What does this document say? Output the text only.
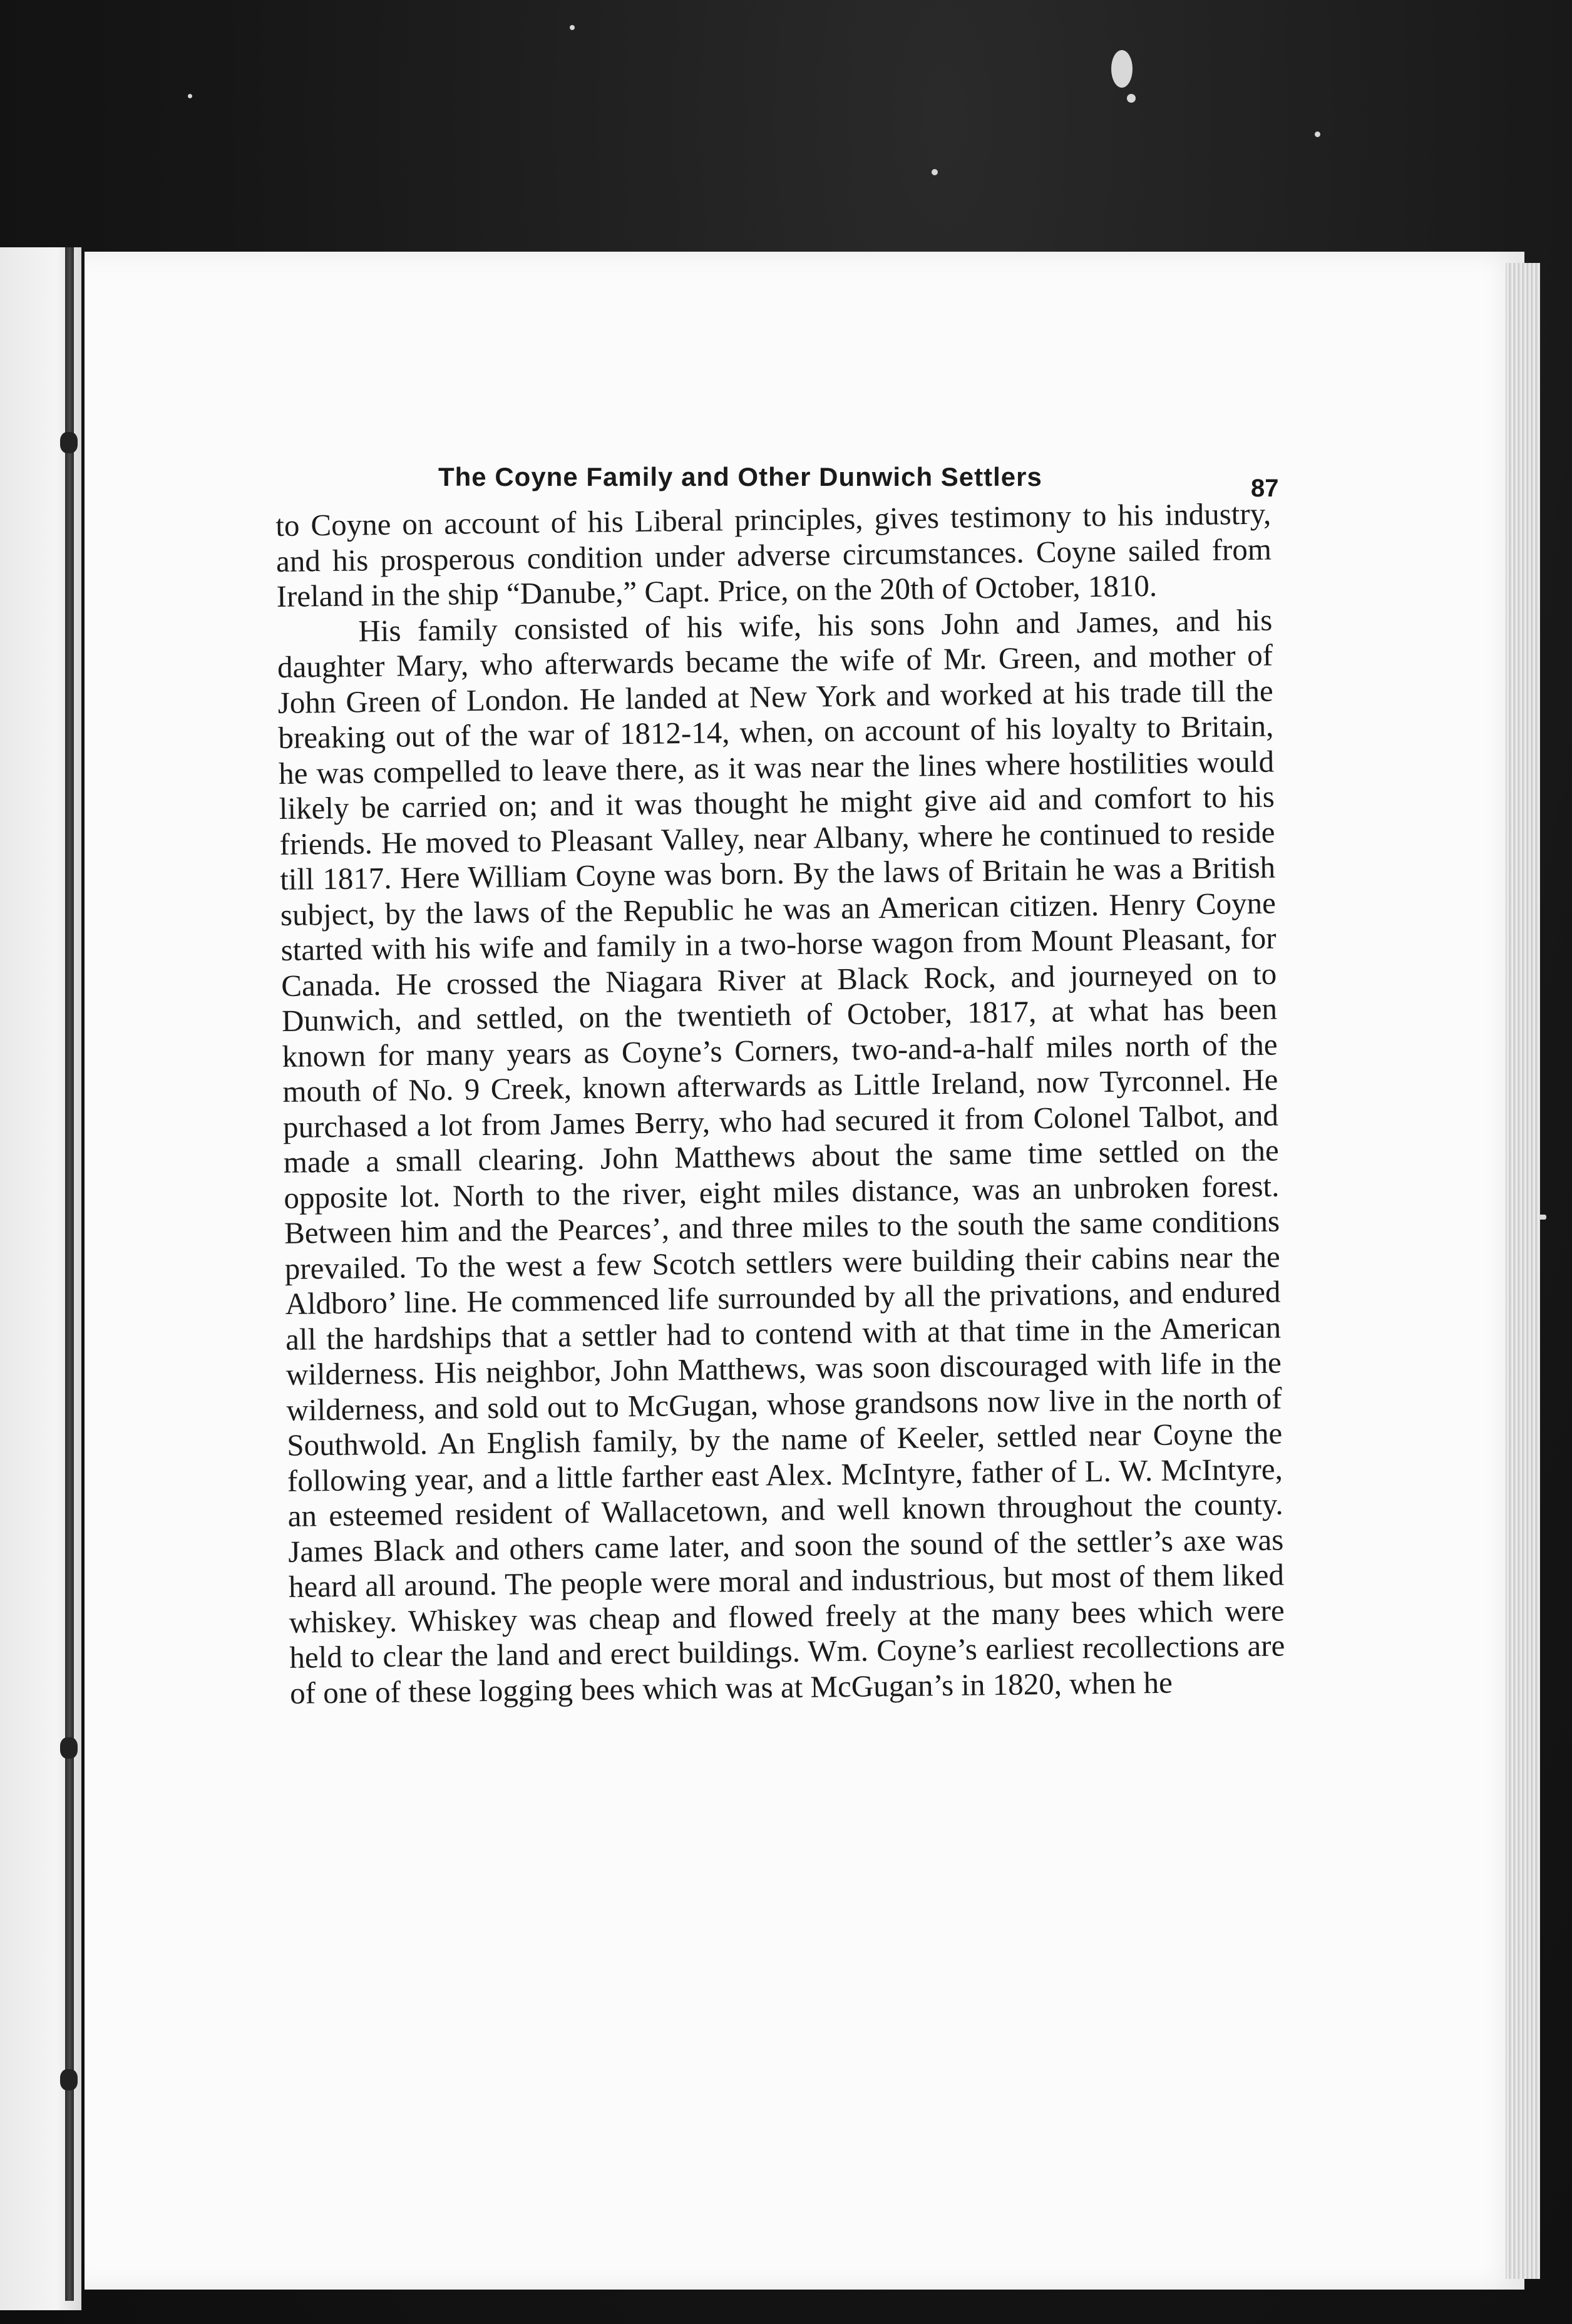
The Coyne Family and Other Dunwich Settlers	87

to Coyne on account of his Liberal principles, gives testimony to his industry, and his prosperous condition under adverse circumstances. Coyne sailed from Ireland in the ship “Danube,” Capt. Price, on the 20th of October, 1810.

His family consisted of his wife, his sons John and James, and his daughter Mary, who afterwards became the wife of Mr. Green, and mother of John Green of London. He landed at New York and worked at his trade till the breaking out of the war of 1812-14, when, on account of his loyalty to Britain, he was compelled to leave there, as it was near the lines where hostilities would likely be carried on; and it was thought he might give aid and comfort to his friends. He moved to Pleasant Valley, near Albany, where he continued to reside till 1817. Here William Coyne was born. By the laws of Britain he was a British subject, by the laws of the Republic he was an American citizen. Henry Coyne started with his wife and family in a two-horse wagon from Mount Pleasant, for Canada. He crossed the Niagara River at Black Rock, and journeyed on to Dunwich, and settled, on the twentieth of October, 1817, at what has been known for many years as Coyne’s Corners, two-and-a-half miles north of the mouth of No. 9 Creek, known afterwards as Little Ireland, now Tyrconnel. He purchased a lot from James Berry, who had secured it from Colonel Talbot, and made a small clearing. John Matthews about the same time settled on the opposite lot. North to the river, eight miles distance, was an unbroken forest. Between him and the Pearces’, and three miles to the south the same conditions prevailed. To the west a few Scotch settlers were building their cabins near the Aldboro’ line. He commenced life surrounded by all the privations, and endured all the hardships that a settler had to contend with at that time in the American wilderness. His neighbor, John Matthews, was soon discouraged with life in the wilderness, and sold out to McGugan, whose grandsons now live in the north of Southwold. An English family, by the name of Keeler, settled near Coyne the following year, and a little farther east Alex. McIntyre, father of L. W. McIntyre, an esteemed resident of Wallacetown, and well known throughout the county. James Black and others came later, and soon the sound of the settler’s axe was heard all around. The people were moral and industrious, but most of them liked whiskey. Whiskey was cheap and flowed freely at the many bees which were held to clear the land and erect buildings. Wm. Coyne’s earliest recollections are of one of these logging bees which was at McGugan’s in 1820, when he
